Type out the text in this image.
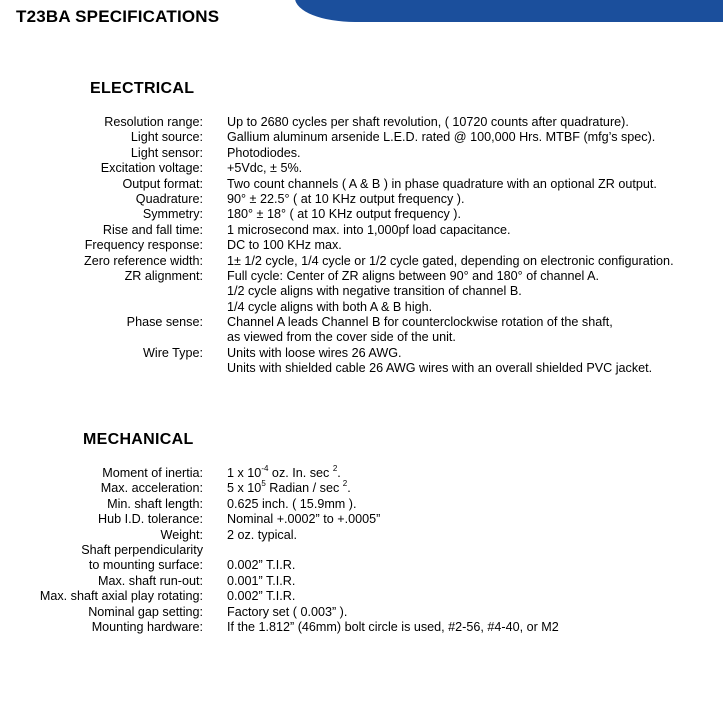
T23BA SPECIFICATIONS
ELECTRICAL
Resolution range: Up to 2680 cycles per shaft revolution, ( 10720 counts after quadrature).
Light source: Gallium aluminum arsenide L.E.D. rated @ 100,000 Hrs. MTBF (mfg’s spec).
Light sensor: Photodiodes.
Excitation voltage: +5Vdc, ± 5%.
Output format: Two count channels ( A & B ) in phase quadrature with an optional ZR output.
Quadrature: 90° ± 22.5° ( at 10 KHz output frequency ).
Symmetry: 180° ± 18° ( at 10 KHz output frequency ).
Rise and fall time: 1 microsecond max. into 1,000pf load capacitance.
Frequency response: DC to 100 KHz max.
Zero reference width: 1± 1/2 cycle, 1/4 cycle or 1/2 cycle gated, depending on electronic configuration.
ZR alignment: Full cycle: Center of ZR aligns between 90° and 180° of channel A.
1/2 cycle aligns with negative transition of channel B.
1/4 cycle aligns with both A & B high.
Phase sense: Channel A leads Channel B for counterclockwise rotation of the shaft,
as viewed from the cover side of the unit.
Wire Type: Units with loose wires 26 AWG.
Units with shielded cable 26 AWG wires with an overall shielded PVC jacket.
MECHANICAL
Moment of inertia: 1 x $10^{-4}$ oz. In. sec $^2$.
Max. acceleration: 5 x $10^5$ Radian / sec $^2$.
Min. shaft length: 0.625 inch. ( 15.9mm ).
Hub I.D. tolerance: Nominal +.0002” to +.0005”
Weight: 2 oz. typical.
Shaft perpendicularity
to mounting surface: 0.002” T.I.R.
Max. shaft run-out: 0.001” T.I.R.
Max. shaft axial play rotating: 0.002” T.I.R.
Nominal gap setting: Factory set ( 0.003” ).
Mounting hardware: If the 1.812” (46mm) bolt circle is used, #2-56, #4-40, or M2
